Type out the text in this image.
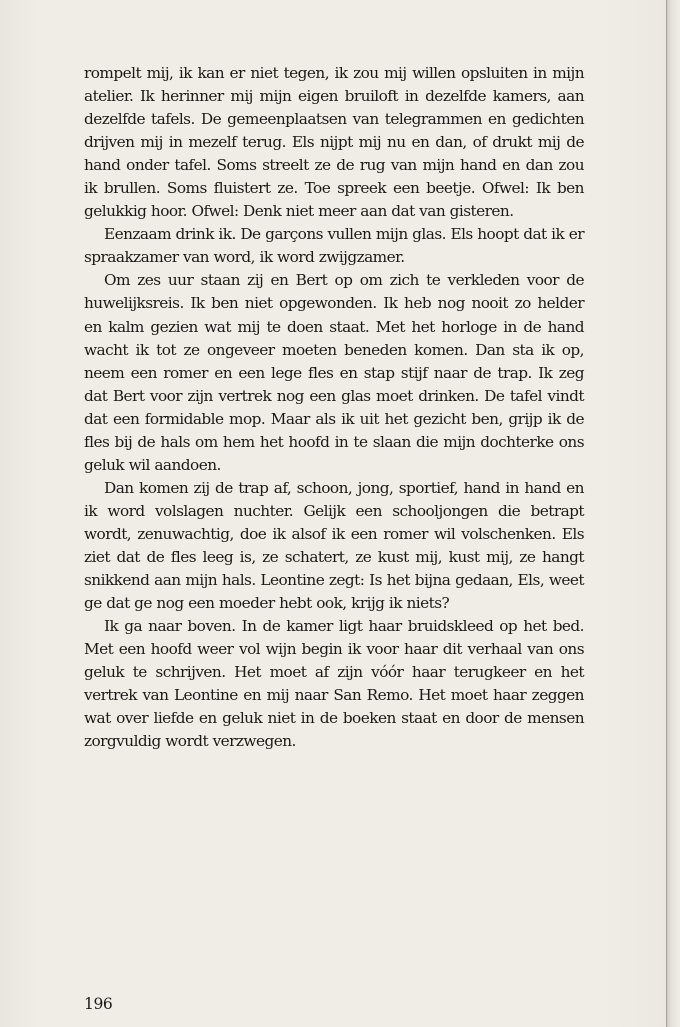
rompelt mij, ik kan er niet tegen, ik zou mij willen opsluiten in mijn atelier. Ik herinner mij mijn eigen bruiloft in dezelfde kamers, aan dezelfde tafels. De gemeenplaatsen van telegrammen en gedichten drijven mij in mezelf terug. Els nijpt mij nu en dan, of drukt mij de hand onder tafel. Soms streelt ze de rug van mijn hand en dan zou ik brullen. Soms fluistert ze. Toe spreek een beetje. Ofwel: Ik ben gelukkig hoor. Ofwel: Denk niet meer aan dat van gisteren.

Eenzaam drink ik. De garçons vullen mijn glas. Els hoopt dat ik er spraakzamer van word, ik word zwijgzamer.

Om zes uur staan zij en Bert op om zich te verkleden voor de huwelijksreis. Ik ben niet opgewonden. Ik heb nog nooit zo helder en kalm gezien wat mij te doen staat. Met het horloge in de hand wacht ik tot ze ongeveer moeten beneden komen. Dan sta ik op, neem een romer en een lege fles en stap stijf naar de trap. Ik zeg dat Bert voor zijn vertrek nog een glas moet drinken. De tafel vindt dat een formidable mop. Maar als ik uit het gezicht ben, grijp ik de fles bij de hals om hem het hoofd in te slaan die mijn dochterke ons geluk wil aandoen.

Dan komen zij de trap af, schoon, jong, sportief, hand in hand en ik word volslagen nuchter. Gelijk een schooljongen die betrapt wordt, zenuwachtig, doe ik alsof ik een romer wil volschenken. Els ziet dat de fles leeg is, ze schatert, ze kust mij, kust mij, ze hangt snikkend aan mijn hals. Leontine zegt: Is het bijna gedaan, Els, weet ge dat ge nog een moeder hebt ook, krijg ik niets?

Ik ga naar boven. In de kamer ligt haar bruidskleed op het bed. Met een hoofd weer vol wijn begin ik voor haar dit verhaal van ons geluk te schrijven. Het moet af zijn vóór haar terugkeer en het vertrek van Leontine en mij naar San Remo. Het moet haar zeggen wat over liefde en geluk niet in de boeken staat en door de mensen zorgvuldig wordt verzwegen.

196
